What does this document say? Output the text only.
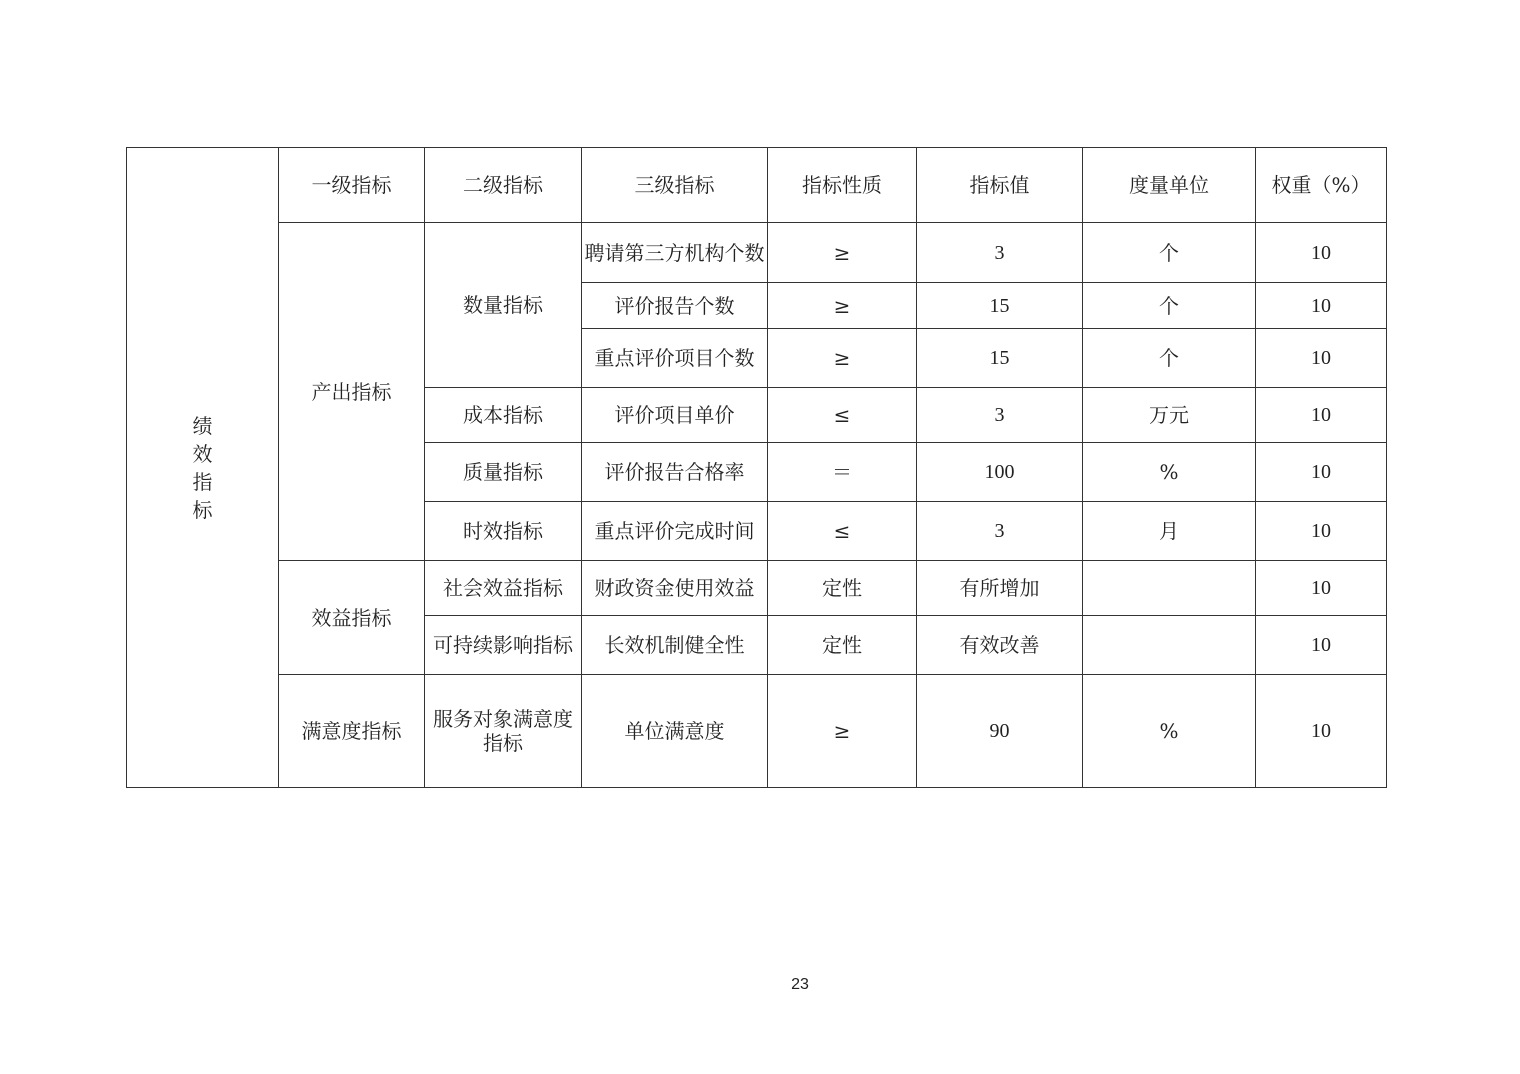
绩效指标	一级指标	二级指标	三级指标	指标性质	指标值	度量单位	权重（%）
	产出指标	数量指标	聘请第三方机构个数	≥	3	个	10
			评价报告个数	≥	15	个	10
			重点评价项目个数	≥	15	个	10
		成本指标	评价项目单价	≤	3	万元	10
		质量指标	评价报告合格率	＝	100	%	10
		时效指标	重点评价完成时间	≤	3	月	10
	效益指标	社会效益指标	财政资金使用效益	定性	有所增加		10
		可持续影响指标	长效机制健全性	定性	有效改善		10
	满意度指标	服务对象满意度指标	单位满意度	≥	90	%	10
23
